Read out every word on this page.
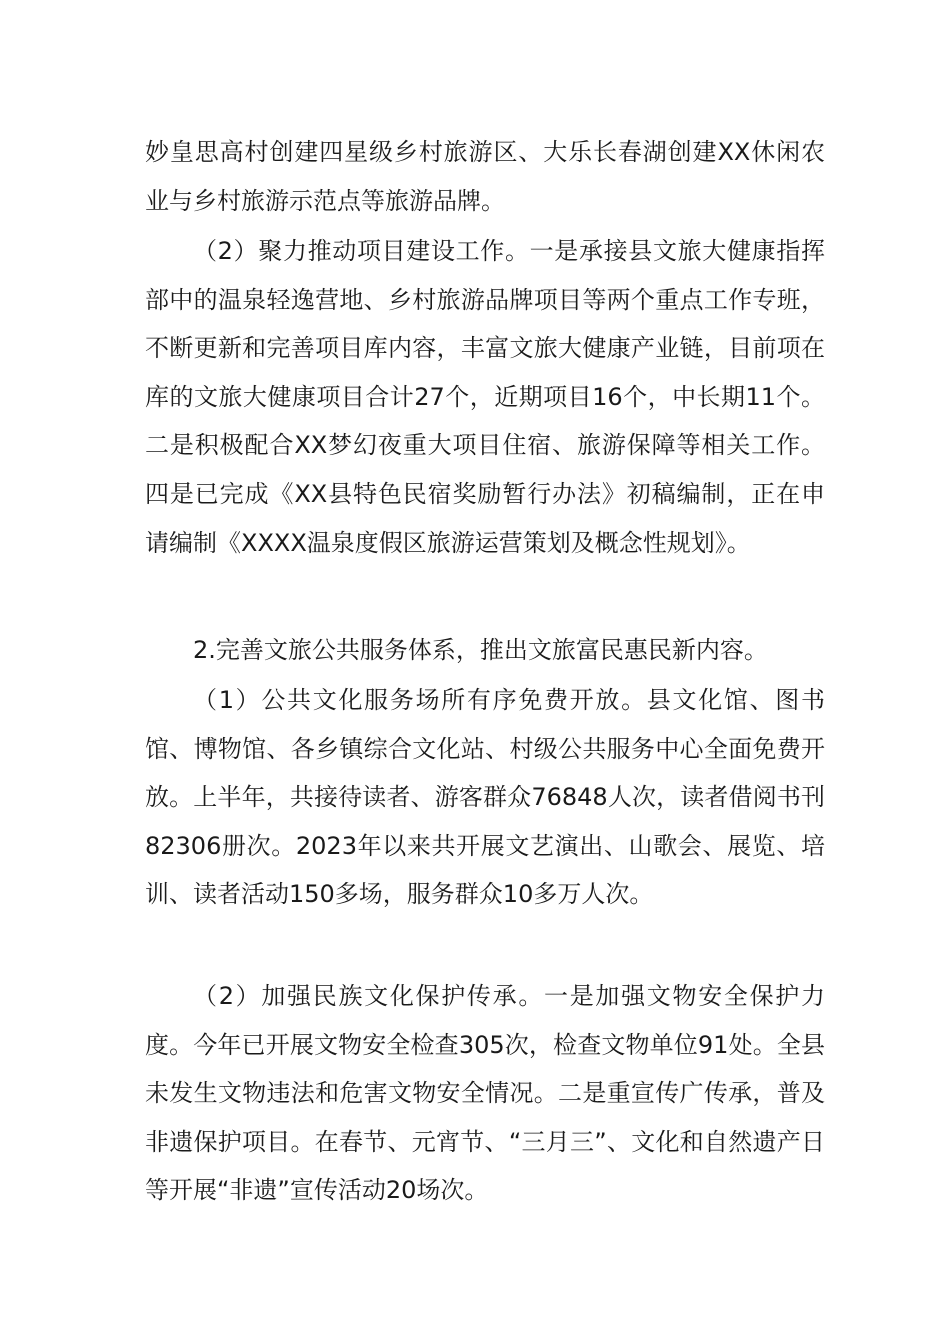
妙皇思高村创建四星级乡村旅游区、大乐长春湖创建XX休闲农业与乡村旅游示范点等旅游品牌。

（2）聚力推动项目建设工作。一是承接县文旅大健康指挥部中的温泉轻逸营地、乡村旅游品牌项目等两个重点工作专班，不断更新和完善项目库内容，丰富文旅大健康产业链，目前项在库的文旅大健康项目合计27个，近期项目16个，中长期11个。二是积极配合XX梦幻夜重大项目住宿、旅游保障等相关工作。四是已完成《XX县特色民宿奖励暂行办法》初稿编制，正在申请编制《XXXX温泉度假区旅游运营策划及概念性规划》。

2.完善文旅公共服务体系，推出文旅富民惠民新内容。

（1）公共文化服务场所有序免费开放。县文化馆、图书馆、博物馆、各乡镇综合文化站、村级公共服务中心全面免费开放。上半年，共接待读者、游客群众76848人次，读者借阅书刊82306册次。2023年以来共开展文艺演出、山歌会、展览、培训、读者活动150多场，服务群众10多万人次。

（2）加强民族文化保护传承。一是加强文物安全保护力度。今年已开展文物安全检查305次，检查文物单位91处。全县未发生文物违法和危害文物安全情况。二是重宣传广传承，普及非遗保护项目。在春节、元宵节、“三月三”、文化和自然遗产日等开展“非遗”宣传活动20场次。
